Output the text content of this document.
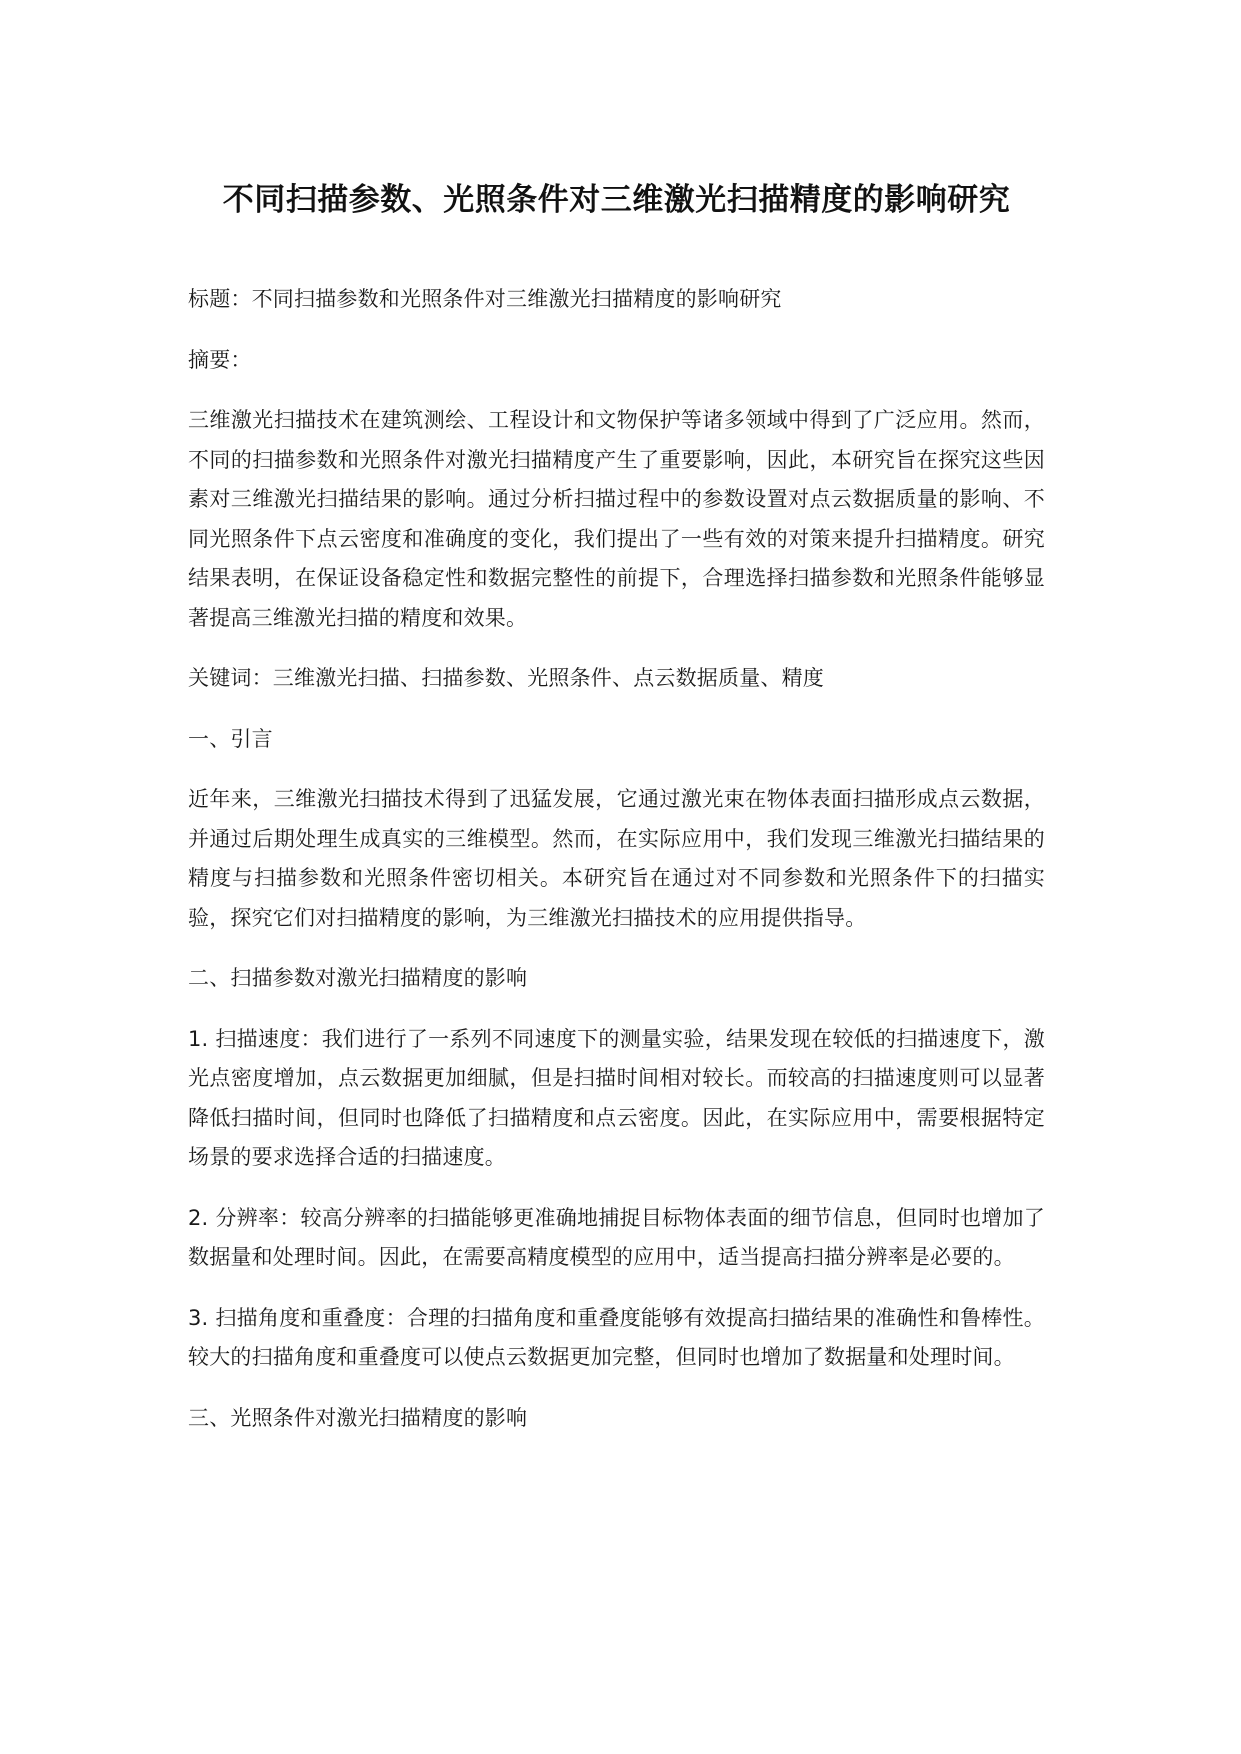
不同扫描参数、光照条件对三维激光扫描精度的影响研究

标题：不同扫描参数和光照条件对三维激光扫描精度的影响研究

摘要：

三维激光扫描技术在建筑测绘、工程设计和文物保护等诸多领域中得到了广泛应用。然而，不同的扫描参数和光照条件对激光扫描精度产生了重要影响，因此，本研究旨在探究这些因素对三维激光扫描结果的影响。通过分析扫描过程中的参数设置对点云数据质量的影响、不同光照条件下点云密度和准确度的变化，我们提出了一些有效的对策来提升扫描精度。研究结果表明，在保证设备稳定性和数据完整性的前提下，合理选择扫描参数和光照条件能够显著提高三维激光扫描的精度和效果。

关键词：三维激光扫描、扫描参数、光照条件、点云数据质量、精度

一、引言

近年来，三维激光扫描技术得到了迅猛发展，它通过激光束在物体表面扫描形成点云数据，并通过后期处理生成真实的三维模型。然而，在实际应用中，我们发现三维激光扫描结果的精度与扫描参数和光照条件密切相关。本研究旨在通过对不同参数和光照条件下的扫描实验，探究它们对扫描精度的影响，为三维激光扫描技术的应用提供指导。

二、扫描参数对激光扫描精度的影响

1. 扫描速度：我们进行了一系列不同速度下的测量实验，结果发现在较低的扫描速度下，激光点密度增加，点云数据更加细腻，但是扫描时间相对较长。而较高的扫描速度则可以显著降低扫描时间，但同时也降低了扫描精度和点云密度。因此，在实际应用中，需要根据特定场景的要求选择合适的扫描速度。

2. 分辨率：较高分辨率的扫描能够更准确地捕捉目标物体表面的细节信息，但同时也增加了数据量和处理时间。因此，在需要高精度模型的应用中，适当提高扫描分辨率是必要的。

3. 扫描角度和重叠度：合理的扫描角度和重叠度能够有效提高扫描结果的准确性和鲁棒性。较大的扫描角度和重叠度可以使点云数据更加完整，但同时也增加了数据量和处理时间。

三、光照条件对激光扫描精度的影响
